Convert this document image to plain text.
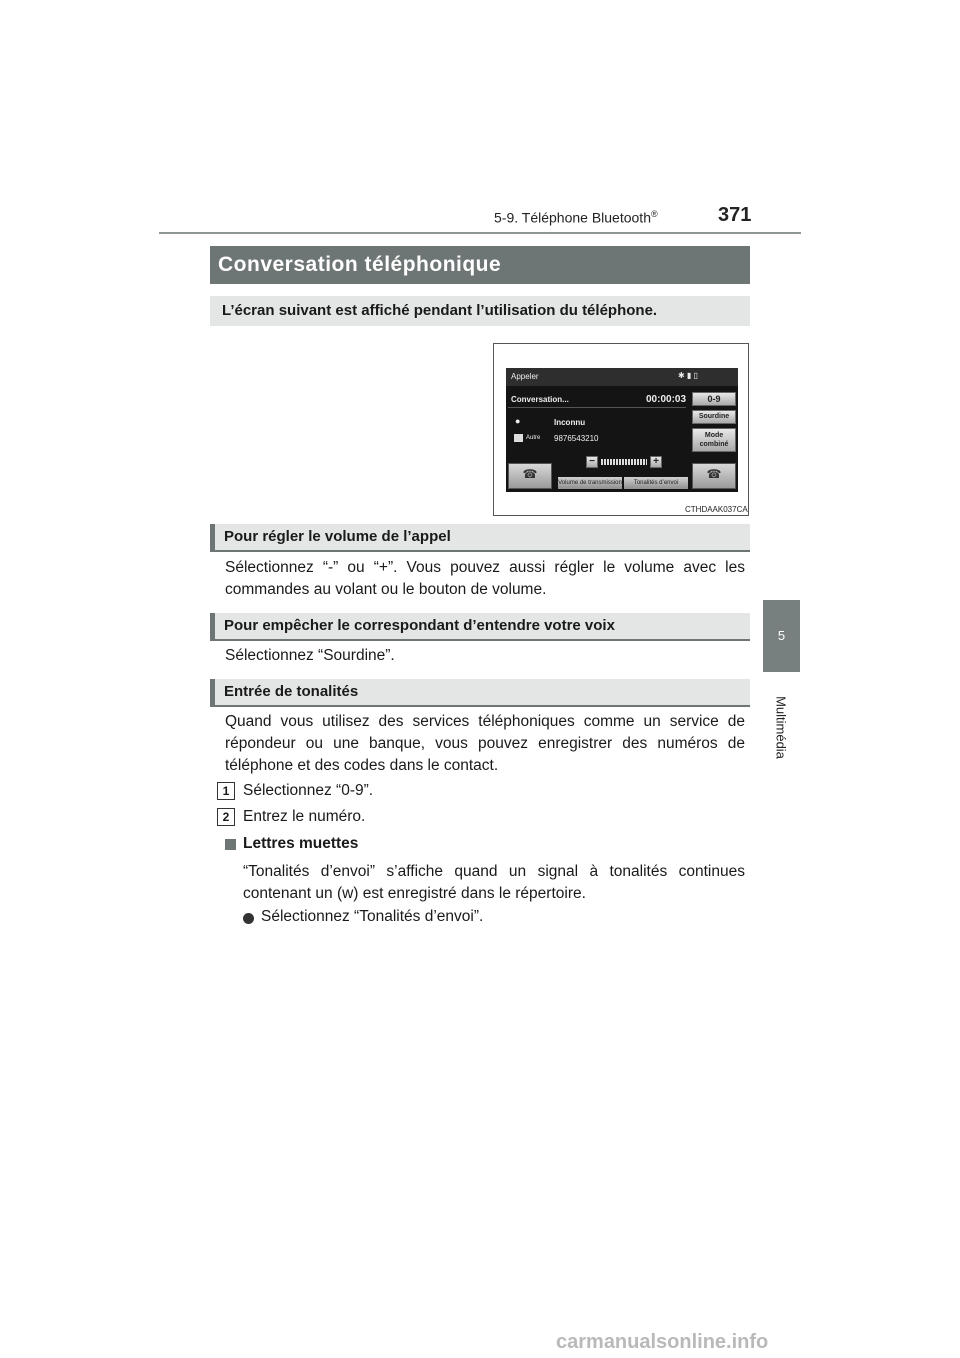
5-9. Téléphone Bluetooth®	371
5
Multimédia
Conversation téléphonique
L’écran suivant est affiché pendant l’utilisation du téléphone.
Appeler	✱ ▮ ▯
Conversation...	00:00:03
●	Inconnu
Autre 9876543210
0-9
Sourdine
Mode
combiné
☎	☎
−	+
Volume de transmission	Tonalités d’envoi
CTHDAAK037CA
Pour régler le volume de l’appel
Sélectionnez “-” ou “+”. Vous pouvez aussi régler le volume avec les commandes au volant ou le bouton de volume.
Pour empêcher le correspondant d’entendre votre voix
Sélectionnez “Sourdine”.
Entrée de tonalités
Quand vous utilisez des services téléphoniques comme un service de répondeur ou une banque, vous pouvez enregistrer des numéros de téléphone et des codes dans le contact.
1 Sélectionnez “0-9”.
2 Entrez le numéro.
Lettres muettes
“Tonalités d’envoi” s’affiche quand un signal à tonalités continues contenant un (w) est enregistré dans le répertoire.
Sélectionnez “Tonalités d’envoi”.
carmanualsonline.info
